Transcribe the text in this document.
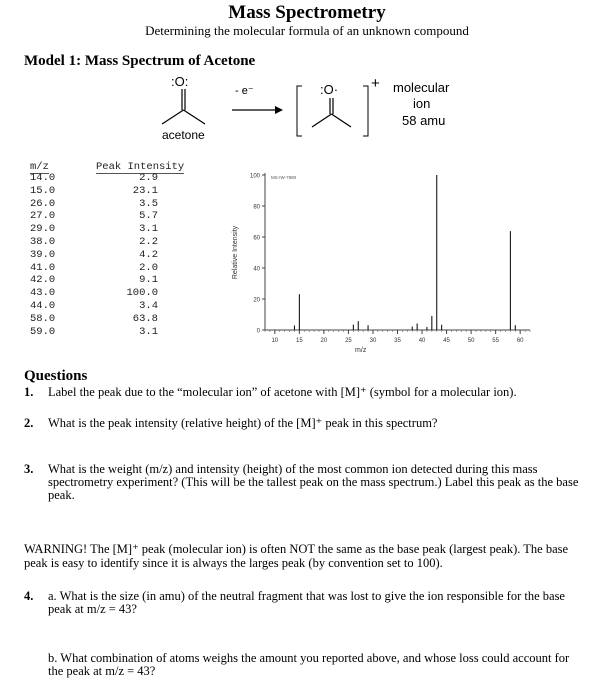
Mass Spectrometry
Determining the molecular formula of an unknown compound
Model 1: Mass Spectrum of Acetone
:O:
acetone
- e⁻	:O· + molecular
ion
58 amu
m/z	Peak Intensity
14.0	2.9
15.0	23.1
26.0	3.5
27.0	5.7
29.0	3.1
38.0	2.2
39.0	4.2
41.0	2.0
42.0	9.1
43.0	100.0
44.0	3.4
58.0	63.8
59.0	3.1	0
20
40
60
80
100
10	15	20	25	30	35	40	45	50	55	60
m/z
Relative Intensity
MS-IW-7880
Questions
1. Label the peak due to the “molecular ion” of acetone with [M]⁺ (symbol for a molecular ion).
2. What is the peak intensity (relative height) of the [M]⁺ peak in this spectrum?
3. What is the weight (m/z) and intensity (height) of the most common ion detected during this mass spectrometry experiment? (This will be the tallest peak on the mass spectrum.) Label this peak as the base peak.
WARNING! The [M]⁺ peak (molecular ion) is often NOT the same as the base peak (largest peak). The base peak is easy to identify since it is always the larges peak (by convention set to 100).
4. a. What is the size (in amu) of the neutral fragment that was lost to give the ion responsible for the base peak at m/z = 43?
b. What combination of atoms weighs the amount you reported above, and whose loss could account for the peak at m/z = 43?
